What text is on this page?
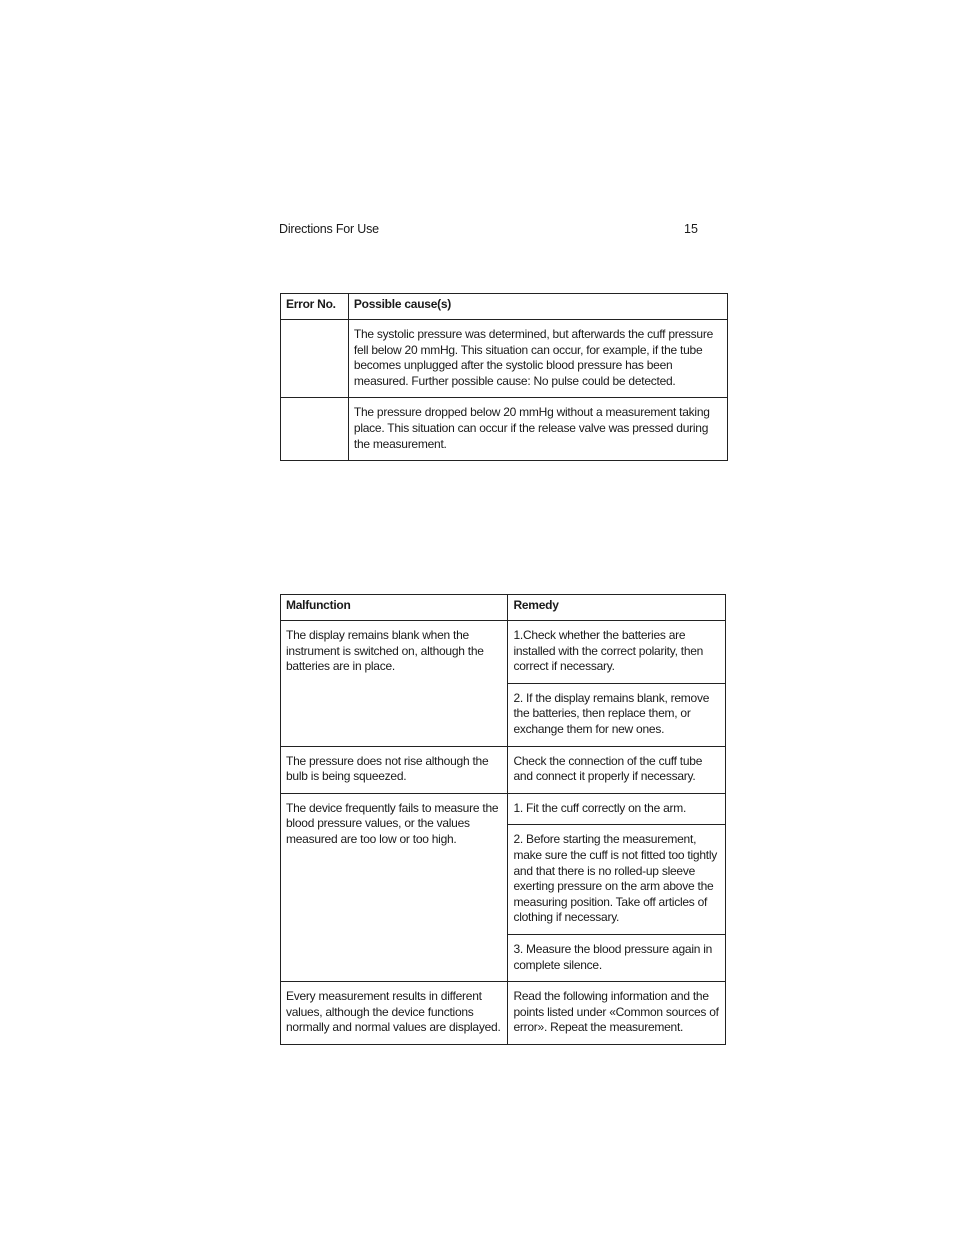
Directions For Use	15
Error No.	Possible cause(s)
	The systolic pressure was determined, but afterwards the cuff pressure fell below 20 mmHg. This situation can occur, for example, if the tube becomes unplugged after the systolic blood pressure has been measured. Further possible cause: No pulse could be detected.
	The pressure dropped below 20 mmHg without a measurement taking place. This situation can occur if the release valve was pressed during the measurement.
Malfunction	Remedy
The display remains blank when the instrument is switched on, although the batteries are in place.	1.Check whether the batteries are installed with the correct polarity, then correct if necessary.
	2. If the display remains blank, remove the batteries, then replace them, or exchange them for new ones.
The pressure does not rise although the bulb is being squeezed.	Check the connection of the cuff tube and connect it properly if necessary.
The device frequently fails to measure the blood pressure values, or the values measured are too low or too high.	1. Fit the cuff correctly on the arm.
	2. Before starting the measurement, make sure the cuff is not fitted too tightly and that there is no rolled-up sleeve exerting pressure on the arm above the measuring position. Take off articles of clothing if necessary.
	3. Measure the blood pressure again in complete silence.
Every measurement results in different values, although the device functions normally and normal values are displayed.	Read the following information and the points listed under «Common sources of error». Repeat the measurement.
